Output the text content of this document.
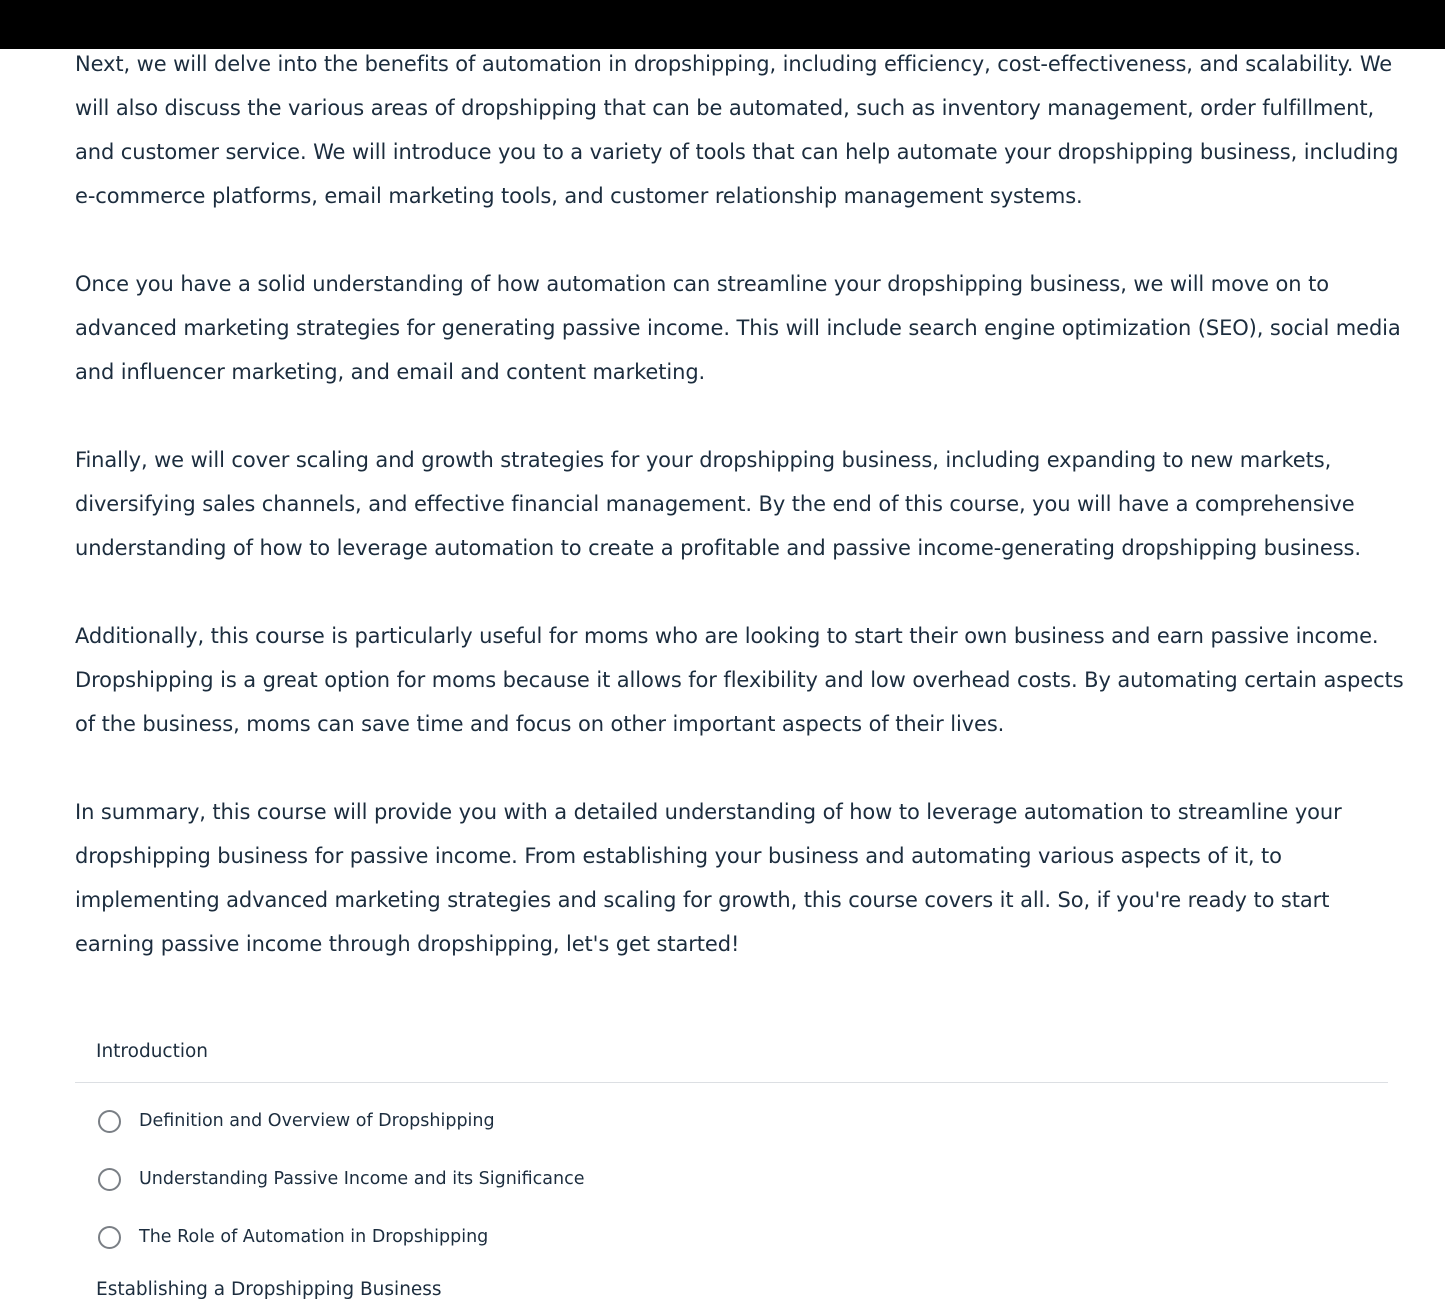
Next, we will delve into the benefits of automation in dropshipping, including efficiency, cost-effectiveness, and scalability. We will also discuss the various areas of dropshipping that can be automated, such as inventory management, order fulfillment, and customer service. We will introduce you to a variety of tools that can help automate your dropshipping business, including e-commerce platforms, email marketing tools, and customer relationship management systems.

Once you have a solid understanding of how automation can streamline your dropshipping business, we will move on to advanced marketing strategies for generating passive income. This will include search engine optimization (SEO), social media and influencer marketing, and email and content marketing.

Finally, we will cover scaling and growth strategies for your dropshipping business, including expanding to new markets, diversifying sales channels, and effective financial management. By the end of this course, you will have a comprehensive understanding of how to leverage automation to create a profitable and passive income-generating dropshipping business.

Additionally, this course is particularly useful for moms who are looking to start their own business and earn passive income. Dropshipping is a great option for moms because it allows for flexibility and low overhead costs. By automating certain aspects of the business, moms can save time and focus on other important aspects of their lives.

In summary, this course will provide you with a detailed understanding of how to leverage automation to streamline your dropshipping business for passive income. From establishing your business and automating various aspects of it, to implementing advanced marketing strategies and scaling for growth, this course covers it all. So, if you're ready to start earning passive income through dropshipping, let's get started!

Introduction
Definition and Overview of Dropshipping
Understanding Passive Income and its Significance
The Role of Automation in Dropshipping
Establishing a Dropshipping Business
